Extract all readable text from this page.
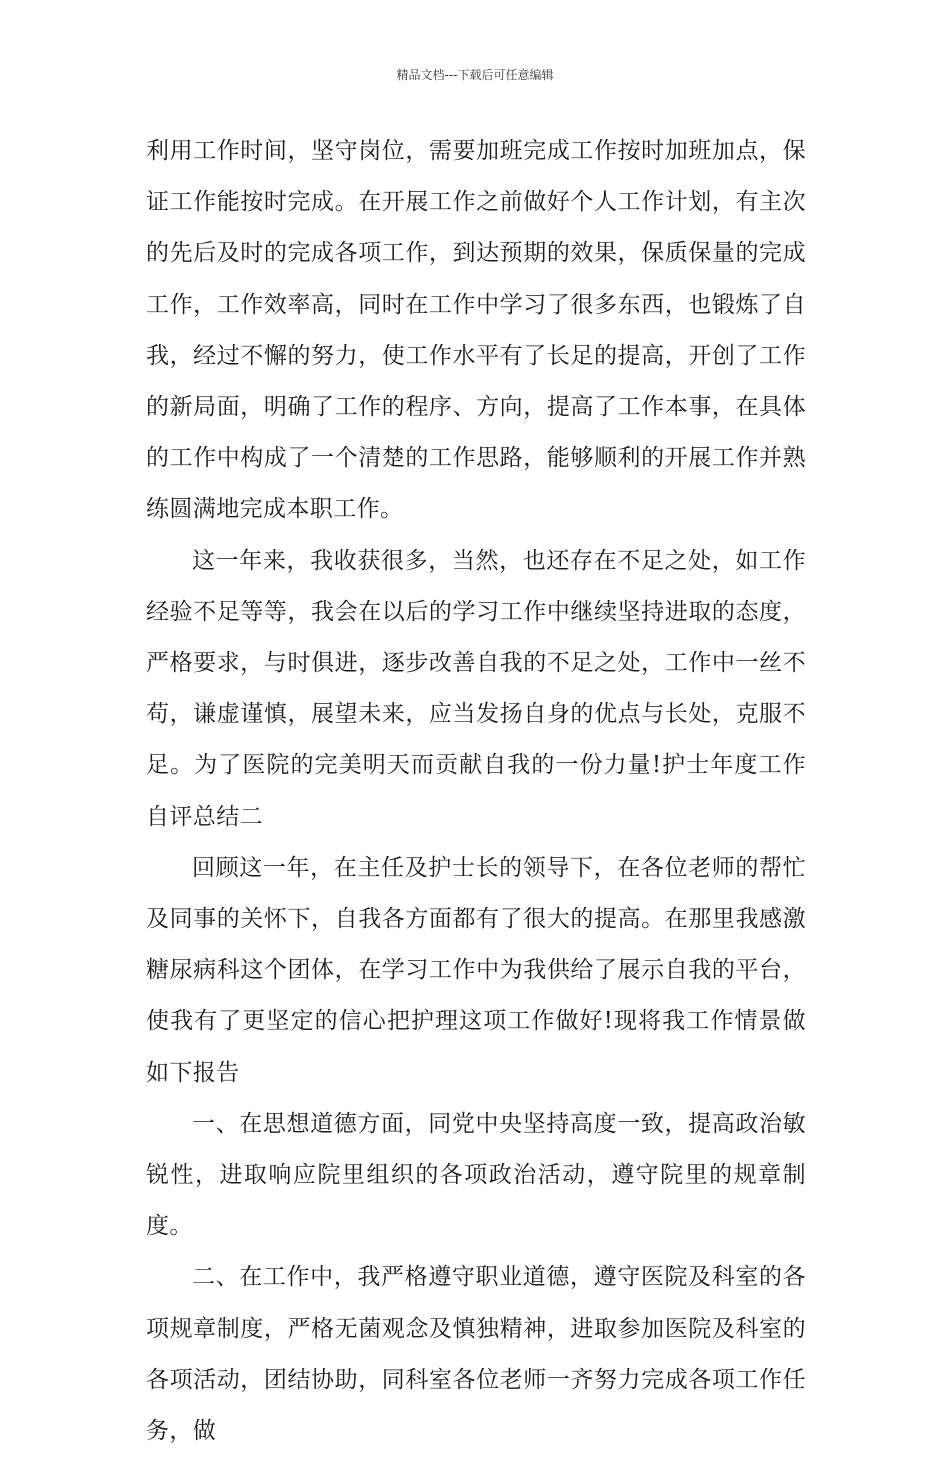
精品文档---下载后可任意编辑

利用工作时间，坚守岗位，需要加班完成工作按时加班加点，保证工作能按时完成。在开展工作之前做好个人工作计划，有主次的先后及时的完成各项工作，到达预期的效果，保质保量的完成工作，工作效率高，同时在工作中学习了很多东西，也锻炼了自我，经过不懈的努力，使工作水平有了长足的提高，开创了工作的新局面，明确了工作的程序、方向，提高了工作本事，在具体的工作中构成了一个清楚的工作思路，能够顺利的开展工作并熟练圆满地完成本职工作。

这一年来，我收获很多，当然，也还存在不足之处，如工作经验不足等等，我会在以后的学习工作中继续坚持进取的态度，严格要求，与时俱进，逐步改善自我的不足之处，工作中一丝不苟，谦虚谨慎，展望未来，应当发扬自身的优点与长处，克服不足。为了医院的完美明天而贡献自我的一份力量!护士年度工作自评总结二

回顾这一年，在主任及护士长的领导下，在各位老师的帮忙及同事的关怀下，自我各方面都有了很大的提高。在那里我感激糖尿病科这个团体，在学习工作中为我供给了展示自我的平台，使我有了更坚定的信心把护理这项工作做好!现将我工作情景做如下报告

一、在思想道德方面，同党中央坚持高度一致，提高政治敏锐性，进取响应院里组织的各项政治活动，遵守院里的规章制度。

二、在工作中，我严格遵守职业道德，遵守医院及科室的各项规章制度，严格无菌观念及慎独精神，进取参加医院及科室的各项活动，团结协助，同科室各位老师一齐努力完成各项工作任务，做
